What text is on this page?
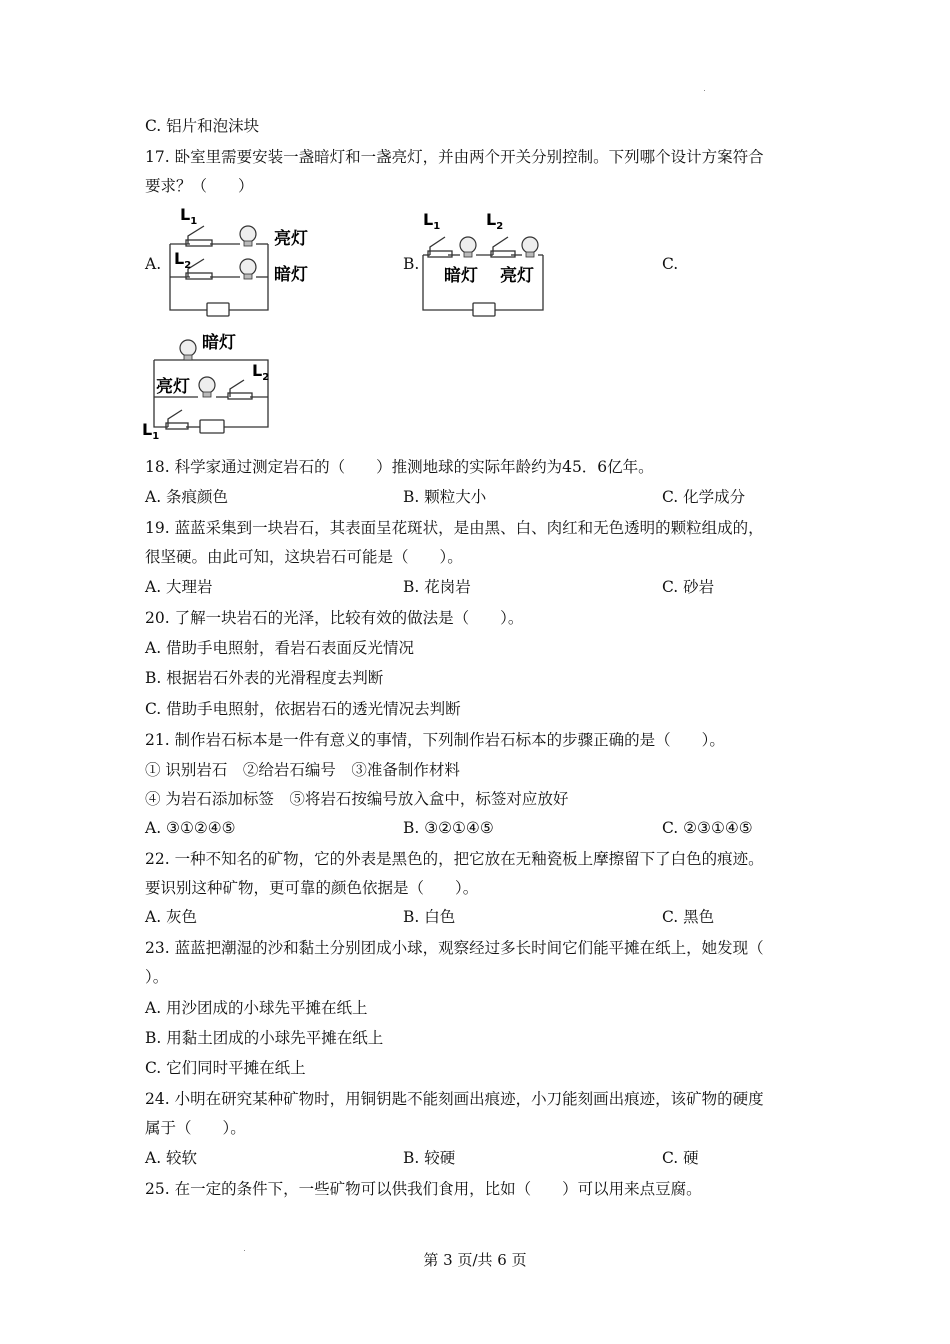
C. 铝片和泡沫块
17. 卧室里需要安装一盏暗灯和一盏亮灯，并由两个开关分别控制。下列哪个设计方案符合
要求？（　　）
A.	B.	C.
$L_1$
$L_2$
亮灯
暗灯
$L_1$	$L_2$
暗灯 亮灯
暗灯
亮灯
$L_2$
$L_1$
18. 科学家通过测定岩石的（　　）推测地球的实际年龄约为45．6亿年。
A. 条痕颜色	B. 颗粒大小	C. 化学成分
19. 蓝蓝采集到一块岩石，其表面呈花斑状，是由黑、白、肉红和无色透明的颗粒组成的，
很坚硬。由此可知，这块岩石可能是（　　）。
A. 大理岩	B. 花岗岩	C. 砂岩
20. 了解一块岩石的光泽，比较有效的做法是（　　）。
A. 借助手电照射，看岩石表面反光情况
B. 根据岩石外表的光滑程度去判断
C. 借助手电照射，依据岩石的透光情况去判断
21. 制作岩石标本是一件有意义的事情，下列制作岩石标本的步骤正确的是（　　）。
① 识别岩石　②给岩石编号　③准备制作材料
④ 为岩石添加标签　⑤将岩石按编号放入盒中，标签对应放好
A. ③①②④⑤	B. ③②①④⑤	C. ②③①④⑤
22. 一种不知名的矿物，它的外表是黑色的，把它放在无釉瓷板上摩擦留下了白色的痕迹。
要识别这种矿物，更可靠的颜色依据是（　　）。
A. 灰色	B. 白色	C. 黑色
23. 蓝蓝把潮湿的沙和黏土分别团成小球，观察经过多长时间它们能平摊在纸上，她发现（
）。
A. 用沙团成的小球先平摊在纸上
B. 用黏土团成的小球先平摊在纸上
C. 它们同时平摊在纸上
24. 小明在研究某种矿物时，用铜钥匙不能刻画出痕迹，小刀能刻画出痕迹，该矿物的硬度
属于（　　）。
A. 较软	B. 较硬	C. 硬
25. 在一定的条件下，一些矿物可以供我们食用，比如（　　）可以用来点豆腐。
第 3 页/共 6 页
